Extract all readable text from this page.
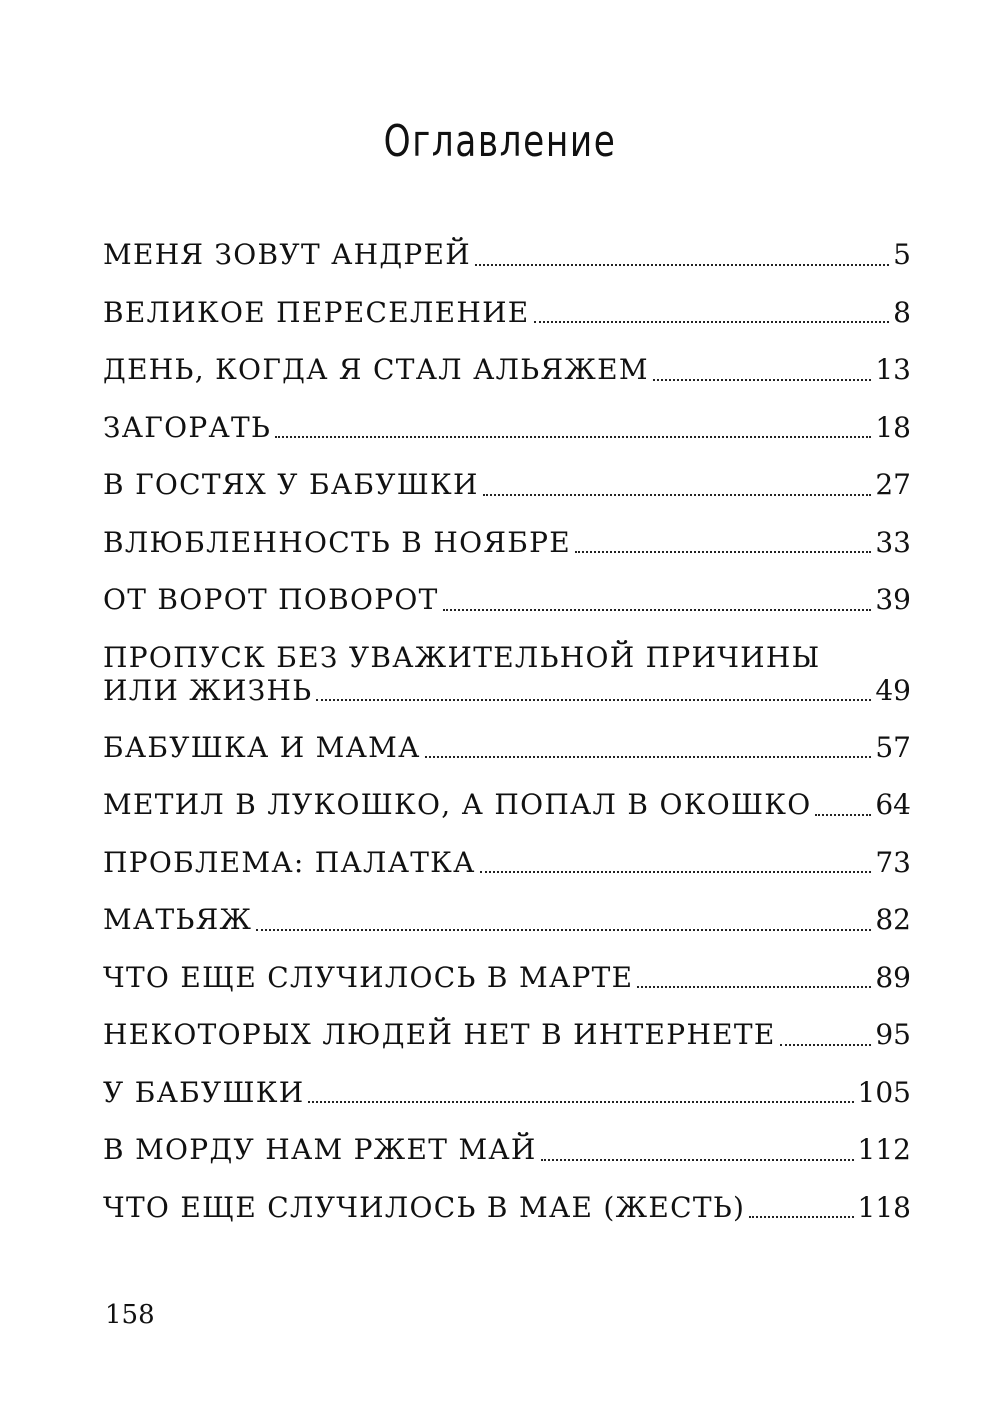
Оглавление
МЕНЯ ЗОВУТ АНДРЕЙ	5
ВЕЛИКОЕ ПЕРЕСЕЛЕНИЕ	8
ДЕНЬ, КОГДА Я СТАЛ АЛЬЯЖЕМ	13
ЗАГОРАТЬ	18
В ГОСТЯХ У БАБУШКИ	27
ВЛЮБЛЕННОСТЬ В НОЯБРЕ	33
ОТ ВОРОТ ПОВОРОТ	39
ПРОПУСК БЕЗ УВАЖИТЕЛЬНОЙ ПРИЧИНЫ
ИЛИ ЖИЗНЬ	49
БАБУШКА И МАМА	57
МЕТИЛ В ЛУКОШКО, А ПОПАЛ В ОКОШКО 64
ПРОБЛЕМА: ПАЛАТКА	73
МАТЬЯЖ	82
ЧТО ЕЩЕ СЛУЧИЛОСЬ В МАРТЕ	89
НЕКОТОРЫХ ЛЮДЕЙ НЕТ В ИНТЕРНЕТЕ	95
У БАБУШКИ	105
В МОРДУ НАМ РЖЕТ МАЙ	112
ЧТО ЕЩЕ СЛУЧИЛОСЬ В МАЕ (ЖЕСТЬ)	118

158
